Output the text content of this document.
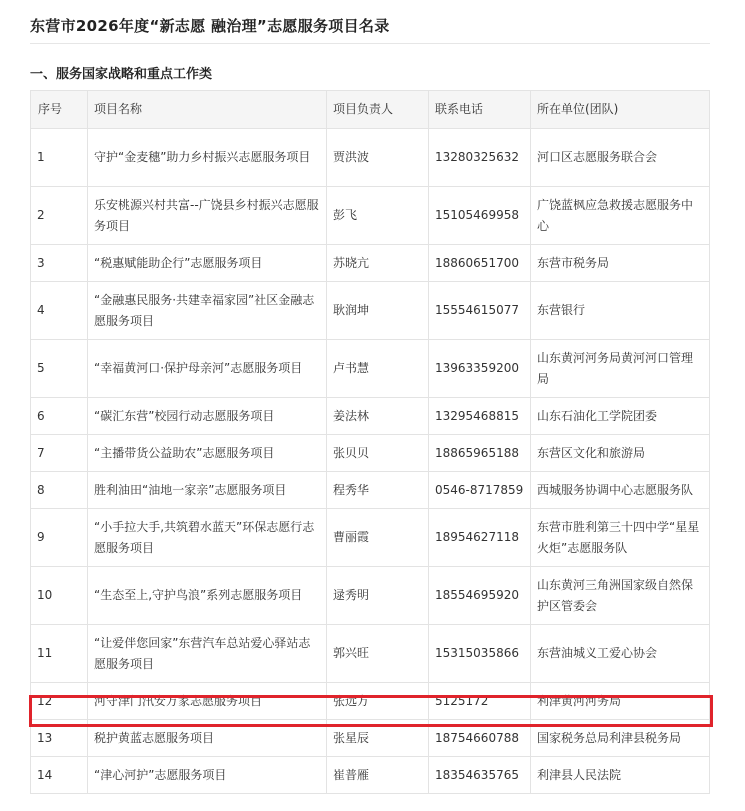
东营市2026年度“新志愿 融治理”志愿服务项目名录
一、服务国家战略和重点工作类
序号	项目名称	项目负责人	联系电话	所在单位(团队)
1	守护“金麦穗”助力乡村振兴志愿服务项目	贾洪波	13280325632	河口区志愿服务联合会
2	乐安桃源兴村共富--广饶县乡村振兴志愿服务项目	彭飞	15105469958	广饶蓝枫应急救援志愿服务中心
3	“税惠赋能助企行”志愿服务项目	苏晓亢	18860651700	东营市税务局
4	“金融惠民服务·共建幸福家园”社区金融志愿服务项目	耿润坤	15554615077	东营银行
5	“幸福黄河口·保护母亲河”志愿服务项目	卢书慧	13963359200	山东黄河河务局黄河河口管理局
6	“碳汇东营”校园行动志愿服务项目	姜法林	13295468815	山东石油化工学院团委
7	“主播带货公益助农”志愿服务项目	张贝贝	18865965188	东营区文化和旅游局
8	胜利油田“油地一家亲”志愿服务项目	程秀华	0546-8717859	西城服务协调中心志愿服务队
9	“小手拉大手,共筑碧水蓝天”环保志愿行志愿服务项目	曹丽霞	18954627118	东营市胜利第三十四中学“星星火炬”志愿服务队
10	“生态至上,守护鸟浪”系列志愿服务项目	逯秀明	18554695920	山东黄河三角洲国家级自然保护区管委会
11	“让爱伴您回家”东营汽车总站爱心驿站志愿服务项目	郭兴旺	15315035866	东营油城义工爱心协会
12	河守津门汛安万家志愿服务项目	张远方	5125172	利津黄河河务局
13	税护黄蓝志愿服务项目	张星辰	18754660788	国家税务总局利津县税务局
14	“津心河护”志愿服务项目	崔普雁	18354635765	利津县人民法院
